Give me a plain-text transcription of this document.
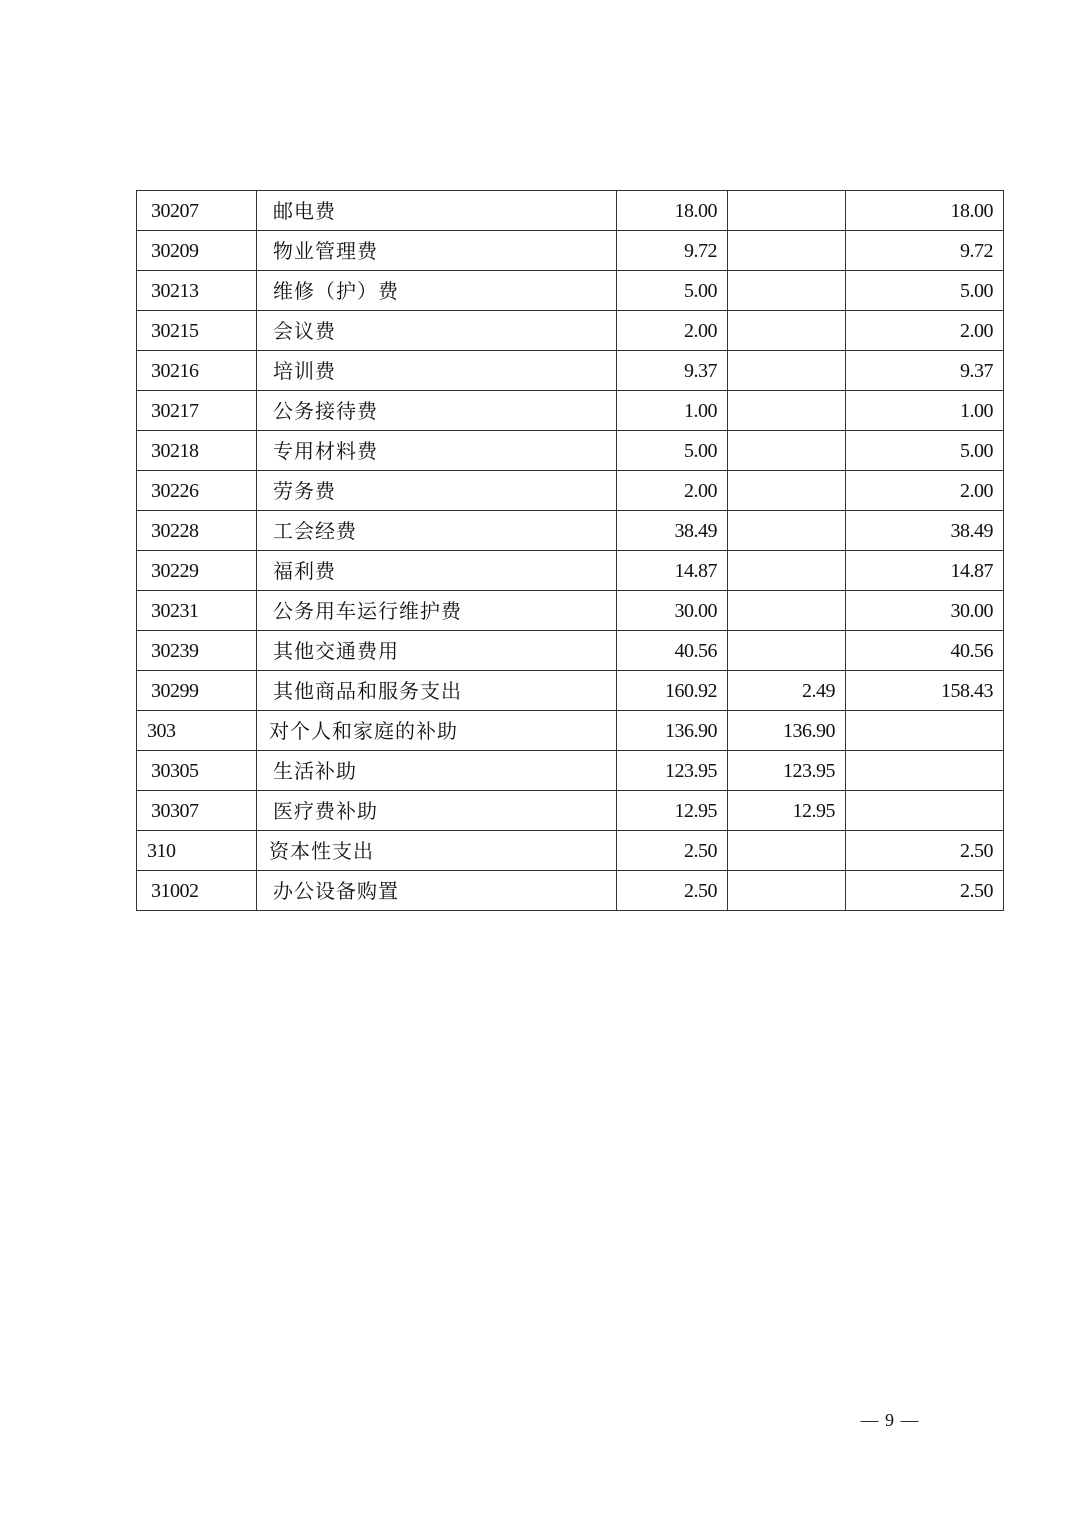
30207	邮电费	18.00		18.00
30209	物业管理费	9.72		9.72
30213	维修（护）费	5.00		5.00
30215	会议费	2.00		2.00
30216	培训费	9.37		9.37
30217	公务接待费	1.00		1.00
30218	专用材料费	5.00		5.00
30226	劳务费	2.00		2.00
30228	工会经费	38.49		38.49
30229	福利费	14.87		14.87
30231	公务用车运行维护费	30.00		30.00
30239	其他交通费用	40.56		40.56
30299	其他商品和服务支出	160.92	2.49	158.43
303	对个人和家庭的补助	136.90	136.90	
30305	生活补助	123.95	123.95	
30307	医疗费补助	12.95	12.95	
310	资本性支出	2.50		2.50
31002	办公设备购置	2.50		2.50
— 9 —
